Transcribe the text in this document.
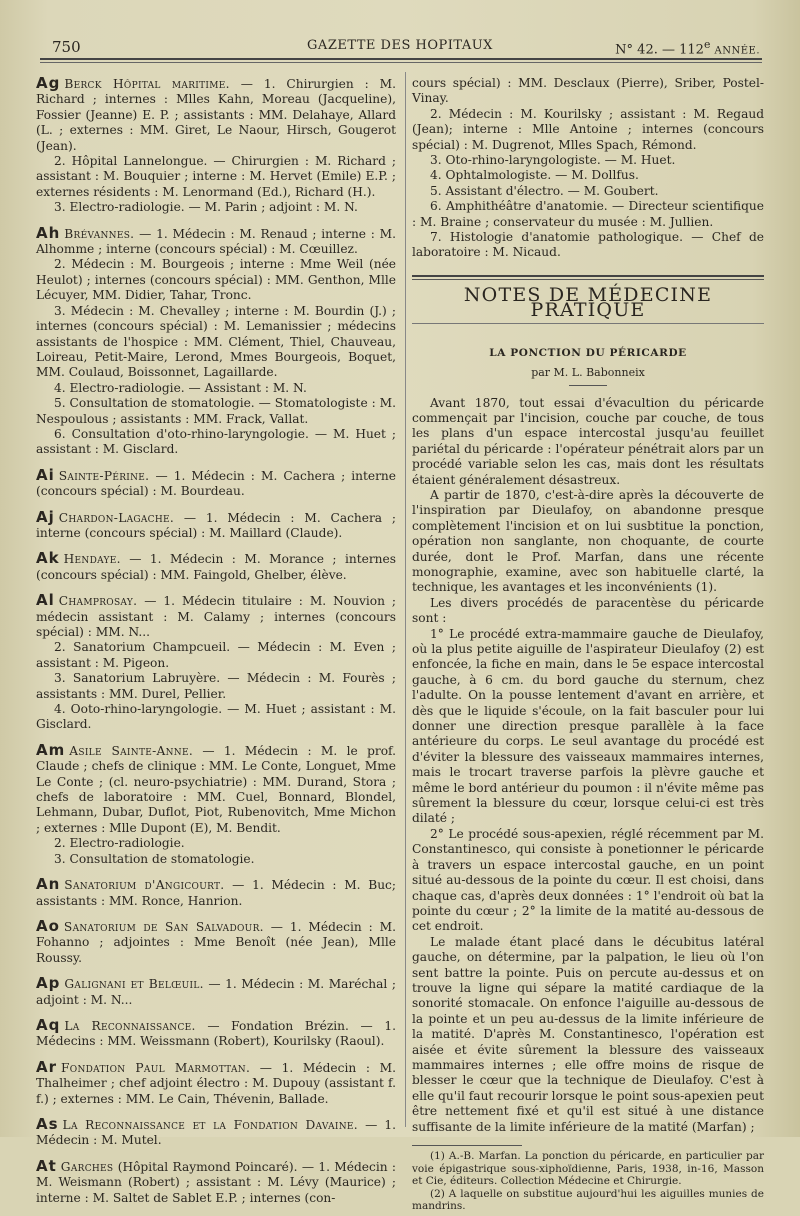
750	GAZETTE DES HOPITAUX	N° 42. — 112e ANNÉE.

Ag Berck Hôpital maritime. — 1. Chirurgien : M. Richard ; internes : Mlles Kahn, Moreau (Jacqueline), Fossier (Jeanne) E. P. ; assistants : MM. Delahaye, Allard (L. ; externes : MM. Giret, Le Naour, Hirsch, Gougerot (Jean).

2. Hôpital Lannelongue. — Chirurgien : M. Richard ; assistant : M. Bouquier ; interne : M. Hervet (Emile) E.P. ; externes résidents : M. Lenormand (Ed.), Richard (H.).

3. Electro-radiologie. — M. Parin ; adjoint : M. N.

Ah Brévannes. — 1. Médecin : M. Renaud ; interne : M. Alhomme ; interne (concours spécial) : M. Cœuillez.

2. Médecin : M. Bourgeois ; interne : Mme Weil (née Heulot) ; internes (concours spécial) : MM. Genthon, Mlle Lécuyer, MM. Didier, Tahar, Tronc.

3. Médecin : M. Chevalley ; interne : M. Bourdin (J.) ; internes (concours spécial) : M. Lemanissier ; médecins assistants de l'hospice : MM. Clément, Thiel, Chauveau, Loireau, Petit-Maire, Lerond, Mmes Bourgeois, Boquet, MM. Coulaud, Boissonnet, Lagaillarde.

4. Electro-radiologie. — Assistant : M. N.

5. Consultation de stomatologie. — Stomatologiste : M. Nespoulous ; assistants : MM. Frack, Vallat.

6. Consultation d'oto-rhino-laryngologie. — M. Huet ; assistant : M. Gisclard.

Ai Sainte-Périne. — 1. Médecin : M. Cachera ; interne (concours spécial) : M. Bourdeau.

Aj Chardon-Lagache. — 1. Médecin : M. Cachera ; interne (concours spécial) : M. Maillard (Claude).

Ak Hendaye. — 1. Médecin : M. Morance ; internes (concours spécial) : MM. Faingold, Ghelber, élève.

Al Champrosay. — 1. Médecin titulaire : M. Nouvion ; médecin assistant : M. Calamy ; internes (concours spécial) : MM. N...

2. Sanatorium Champcueil. — Médecin : M. Even ; assistant : M. Pigeon.

3. Sanatorium Labruyère. — Médecin : M. Fourès ; assistants : MM. Durel, Pellier.

4. Ooto-rhino-laryngologie. — M. Huet ; assistant : M. Gisclard.

Am Asile Sainte-Anne. — 1. Médecin : M. le prof. Claude ; chefs de clinique : MM. Le Conte, Longuet, Mme Le Conte ; (cl. neuro-psychiatrie) : MM. Durand, Stora ; chefs de laboratoire : MM. Cuel, Bonnard, Blondel, Lehmann, Dubar, Duflot, Piot, Rubenovitch, Mme Michon ; externes : Mlle Dupont (E), M. Bendit.

2. Electro-radiologie.

3. Consultation de stomatologie.

An Sanatorium d'Angicourt. — 1. Médecin : M. Buc; assistants : MM. Ronce, Hanrion.

Ao Sanatorium de San Salvadour. — 1. Médecin : M. Fohanno ; adjointes : Mme Benoît (née Jean), Mlle Roussy.

Ap Galignani et Belœuil. — 1. Médecin : M. Maréchal ; adjoint : M. N...

Aq La Reconnaissance. — Fondation Brézin. — 1. Médecins : MM. Weissmann (Robert), Kourilsky (Raoul).

Ar Fondation Paul Marmottan. — 1. Médecin : M. Thalheimer ; chef adjoint électro : M. Dupouy (assistant f. f.) ; externes : MM. Le Cain, Thévenin, Ballade.

As La Reconnaissance et la Fondation Davaine. — 1. Médecin : M. Mutel.

At Garches (Hôpital Raymond Poincaré). — 1. Médecin : M. Weismann (Robert) ; assistant : M. Lévy (Maurice) ; interne : M. Saltet de Sablet E.P. ; internes (con-

cours spécial) : MM. Desclaux (Pierre), Sriber, Postel-Vinay.

2. Médecin : M. Kourilsky ; assistant : M. Regaud (Jean); interne : Mlle Antoine ; internes (concours spécial) : M. Dugrenot, Mlles Spach, Rémond.

3. Oto-rhino-laryngologiste. — M. Huet.

4. Ophtalmologiste. — M. Dollfus.

5. Assistant d'électro. — M. Goubert.

6. Amphithéâtre d'anatomie. — Directeur scientifique : M. Braine ; conservateur du musée : M. Jullien.

7. Histologie d'anatomie pathologique. — Chef de laboratoire : M. Nicaud.

NOTES DE MÉDECINE PRATIQUE
LA PONCTION DU PÉRICARDE
par M. L. Babonneix

Avant 1870, tout essai d'évacultion du péricarde commençait par l'incision, couche par couche, de tous les plans d'un espace intercostal jusqu'au feuillet pariétal du péricarde : l'opérateur pénétrait alors par un procédé variable selon les cas, mais dont les résultats étaient généralement désastreux.

A partir de 1870, c'est-à-dire après la découverte de l'inspiration par Dieulafoy, on abandonne presque complètement l'incision et on lui susbtitue la ponction, opération non sanglante, non choquante, de courte durée, dont le Prof. Marfan, dans une récente monographie, examine, avec son habituelle clarté, la technique, les avantages et les inconvénients (1).

Les divers procédés de paracentèse du péricarde sont :

1° Le procédé extra-mammaire gauche de Dieulafoy, où la plus petite aiguille de l'aspirateur Dieulafoy (2) est enfoncée, la fiche en main, dans le 5e espace intercostal gauche, à 6 cm. du bord gauche du sternum, chez l'adulte. On la pousse lentement d'avant en arrière, et dès que le liquide s'écoule, on la fait basculer pour lui donner une direction presque parallèle à la face antérieure du corps. Le seul avantage du procédé est d'éviter la blessure des vaisseaux mammaires internes, mais le trocart traverse parfois la plèvre gauche et même le bord antérieur du poumon : il n'évite même pas sûrement la blessure du cœur, lorsque celui-ci est très dilaté ;

2° Le procédé sous-apexien, réglé récemment par M. Constantinesco, qui consiste à ponetionner le péricarde à travers un espace intercostal gauche, en un point situé au-dessous de la pointe du cœur. Il est choisi, dans chaque cas, d'après deux données : 1° l'endroit où bat la pointe du cœur ; 2° la limite de la matité au-dessous de cet endroit.

Le malade étant placé dans le décubitus latéral gauche, on détermine, par la palpation, le lieu où l'on sent battre la pointe. Puis on percute au-dessus et on trouve la ligne qui sépare la matité cardiaque de la sonorité stomacale. On enfonce l'aiguille au-dessous de la pointe et un peu au-dessus de la limite inférieure de la matité. D'après M. Constantinesco, l'opération est aisée et évite sûrement la blessure des vaisseaux mammaires internes ; elle offre moins de risque de blesser le cœur que la technique de Dieulafoy. C'est à elle qu'il faut recourir lorsque le point sous-apexien peut être nettement fixé et qu'il est situé à une distance suffisante de la limite inférieure de la matité (Marfan) ;

(1) A.-B. Marfan. La ponction du péricarde, en particulier par voie épigastrique sous-xiphoïdienne, Paris, 1938, in-16, Masson et Cie, éditeurs. Collection Médecine et Chirurgie.

(2) A laquelle on substitue aujourd'hui les aiguilles munies de mandrins.
